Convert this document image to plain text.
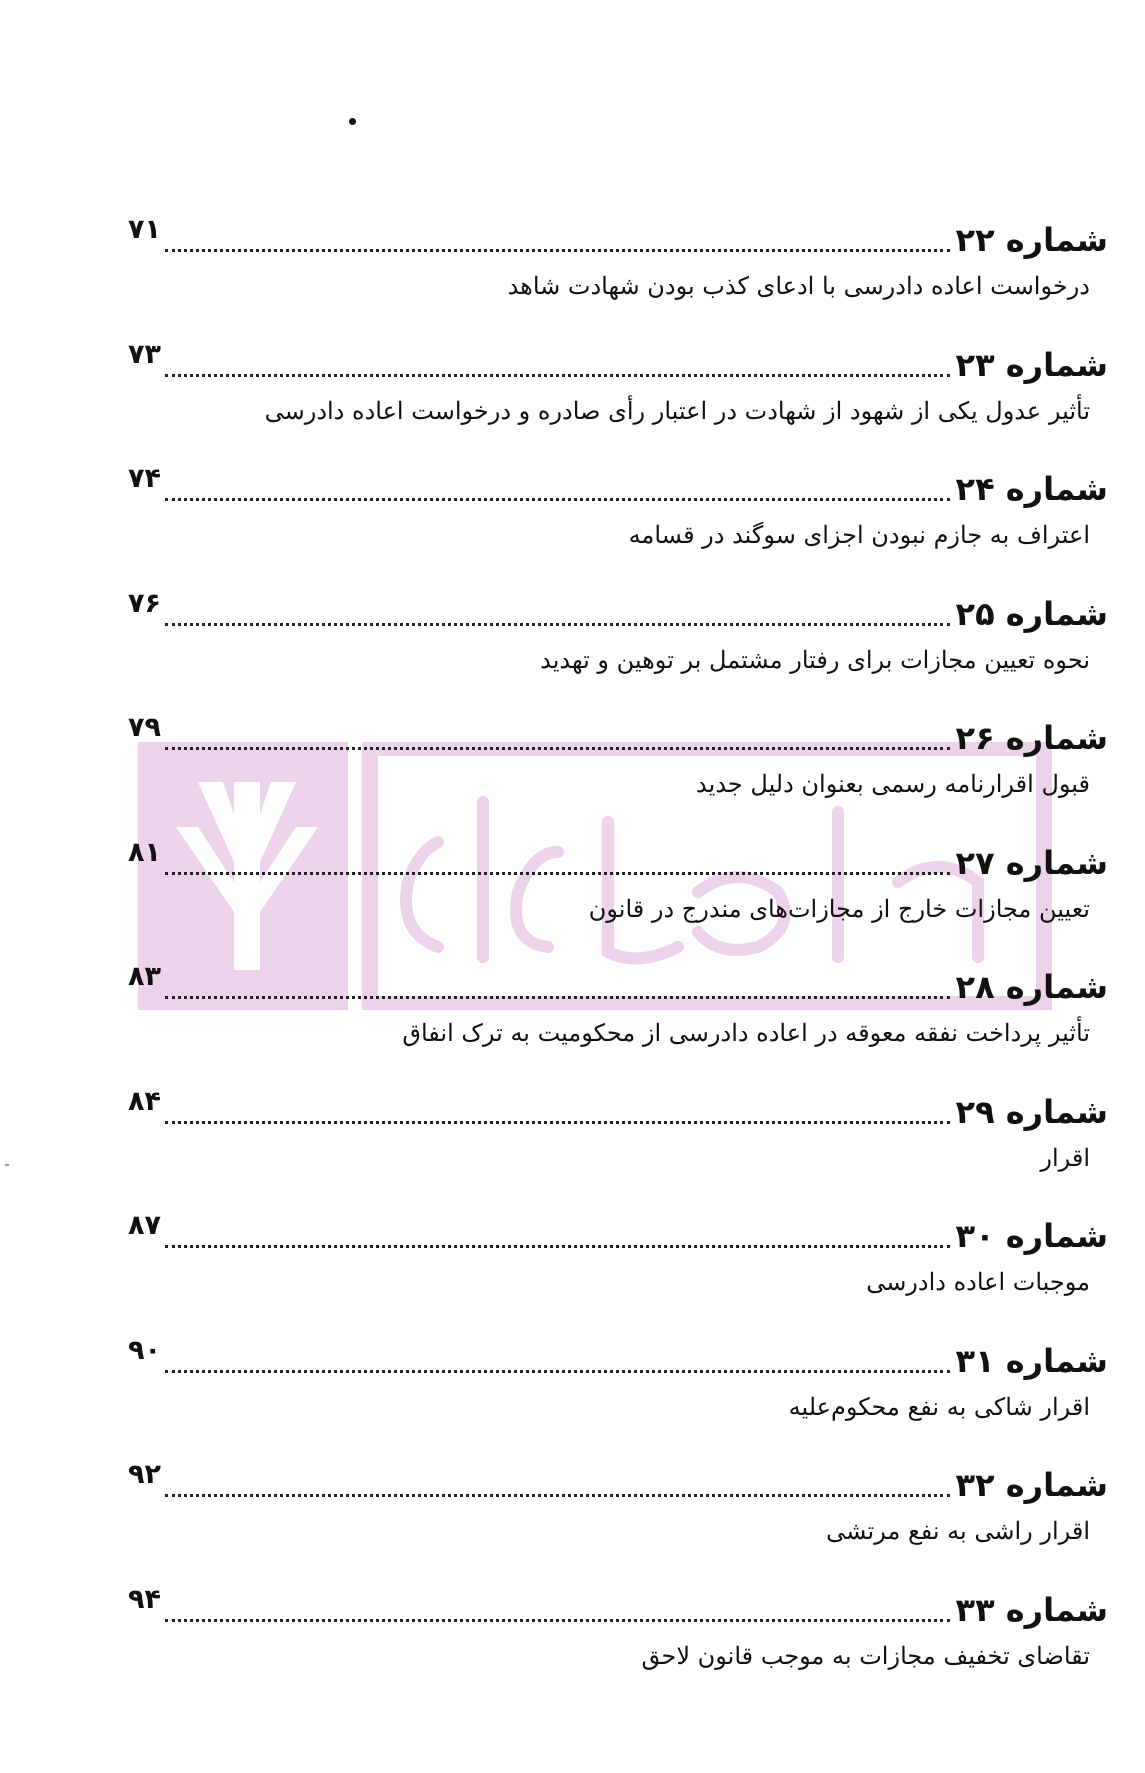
شماره ۲۲
۷۱
درخواست اعاده دادرسی با ادعای کذب بودن شهادت شاهد
شماره ۲۳
۷۳
تأثیر عدول یکی از شهود از شهادت در اعتبار رأی صادره و درخواست اعاده دادرسی
شماره ۲۴
۷۴
اعتراف به جازم نبودن اجزای سوگند در قسامه
شماره ۲۵
۷۶
نحوه تعیین مجازات برای رفتار مشتمل بر توهین و تهدید
شماره ۲۶
۷۹
قبول اقرارنامه رسمی بعنوان دلیل جدید
شماره ۲۷
۸۱
تعیین مجازات خارج از مجازات‌های مندرج در قانون
شماره ۲۸
۸۳
تأثیر پرداخت نفقه معوقه در اعاده دادرسی از محکومیت به ترک انفاق
شماره ۲۹
۸۴
اقرار
شماره ۳۰
۸۷
موجبات اعاده دادرسی
شماره ۳۱
۹۰
اقرار شاکی به نفع محکوم‌علیه
شماره ۳۲
۹۲
اقرار راشی به نفع مرتشی
شماره ۳۳
۹۴
تقاضای تخفیف مجازات به موجب قانون لاحق
